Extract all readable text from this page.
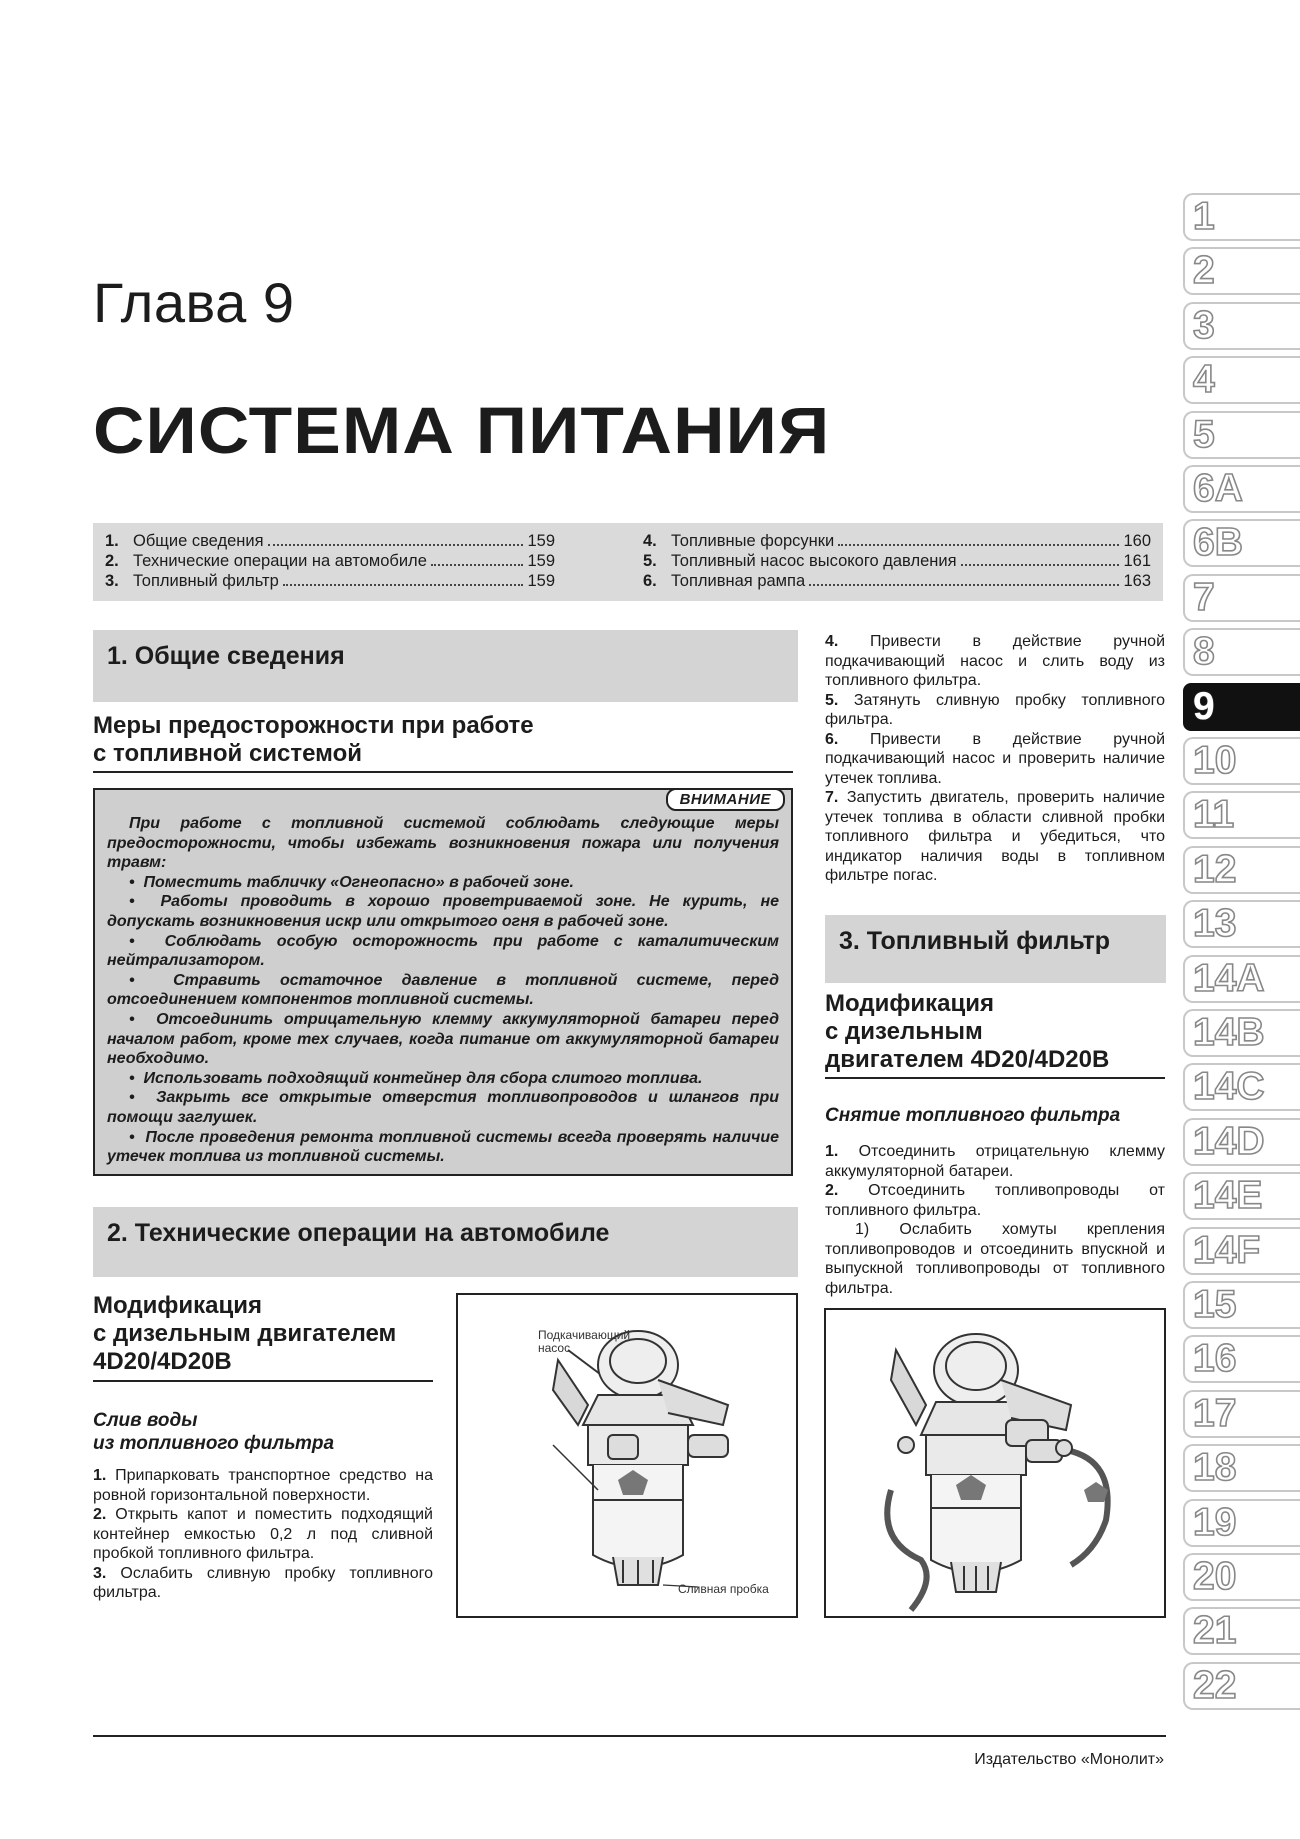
Глава 9
СИСТЕМА ПИТАНИЯ
1. Общие сведения	159
2. Технические операции на автомобиле	159
3. Топливный фильтр	159
4. Топливные форсунки	160
5. Топливный насос высокого давления	161
6. Топливная рампа	163
1. Общие сведения
Меры предосторожности при работе
с топливной системой
ВНИМАНИЕ

При работе с топливной системой соблюдать следующие меры предосторожности, чтобы избежать возникновения пожара или получения травм:

•  Поместить табличку «Огнеопасно» в рабочей зоне.

•  Работы проводить в хорошо проветриваемой зоне. Не курить, не допускать возникновения искр или открытого огня в рабочей зоне.

•  Соблюдать особую осторожность при работе с каталитическим нейтрализатором.

•  Стравить остаточное давление в топливной системе, перед отсоединением компонентов топливной системы.

•  Отсоединить отрицательную клемму аккумуляторной батареи перед началом работ, кроме тех случаев, когда питание от аккумуляторной батареи необходимо.

•  Использовать подходящий контейнер для сбора слитого топлива.

•  Закрыть все открытые отверстия топливопроводов и шлангов при помощи заглушек.

•  После проведения ремонта топливной системы всегда проверять наличие утечек топлива из топливной системы.

2. Технические операции на автомобиле
Модификация
с дизельным двигателем
4D20/4D20B
Слив воды
из топливного фильтра

1. Припарковать транспортное средство на ровной горизонтальной поверхности.

2. Открыть капот и поместить подходящий контейнер емкостью 0,2 л под сливной пробкой топливного фильтра.

3. Ослабить сливную пробку топливного фильтра.

Подкачивающий
насос
Сливная пробка

4. Привести в действие ручной подкачивающий насос и слить воду из топливного фильтра.

5. Затянуть сливную пробку топливного фильтра.

6. Привести в действие ручной подкачивающий насос и проверить наличие утечек топлива.

7. Запустить двигатель, проверить наличие утечек топлива в области сливной пробки топливного фильтра и убедиться, что индикатор наличия воды в топливном фильтре погас.

3. Топливный фильтр
Модификация
с дизельным
двигателем 4D20/4D20B
Снятие топливного фильтра

1. Отсоединить отрицательную клемму аккумуляторной батареи.

2. Отсоединить топливопроводы от топливного фильтра.

1) Ослабить хомуты крепления топливопроводов и отсоединить впускной и выпускной топливопроводы от топливного фильтра.

1
2
3
4
5
6A
6B
7
8
9
10
11
12
13
14A
14B
14C
14D
14E
14F
15
16
17
18
19
20
21
22
Издательство «Монолит»
